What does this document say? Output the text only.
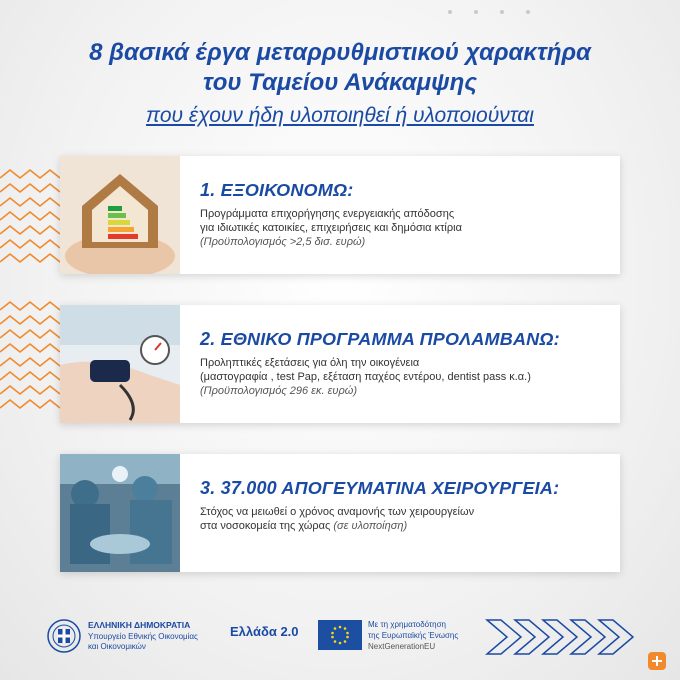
8 βασικά έργα μεταρρυθμιστικού χαρακτήρα
του Ταμείου Ανάκαμψης
που έχουν ήδη υλοποιηθεί ή υλοποιούνται
1. ΕΞΟΙΚΟΝΟΜΩ:

Προγράμματα επιχορήγησης ενεργειακής απόδοσης

για ιδιωτικές κατοικίες, επιχειρήσεις και δημόσια κτίρια

(Προϋπολογισμός >2,5 δισ. ευρώ)

2. ΕΘΝΙΚΟ ΠΡΟΓΡΑΜΜΑ ΠΡΟΛΑΜΒΑΝΩ:

Προληπτικές εξετάσεις για όλη την οικογένεια

(μαστογραφία , test Pap, εξέταση παχέος εντέρου, dentist pass κ.α.)

(Προϋπολογισμός 296 εκ. ευρώ)

3. 37.000 ΑΠΟΓΕΥΜΑΤΙΝΑ ΧΕΙΡΟΥΡΓΕΙΑ:

Στόχος να μειωθεί ο χρόνος αναμονής των χειρουργείων

στα νοσοκομεία της χώρας (σε υλοποίηση)

ΕΛΛΗΝΙΚΗ ΔΗΜΟΚΡΑΤΙΑ
Υπουργείο Εθνικής Οικονομίας
και Οικονομικών
Ελλάδα 2.0	Με τη χρηματοδότηση
της Ευρωπαϊκής Ένωσης
NextGenerationEU
